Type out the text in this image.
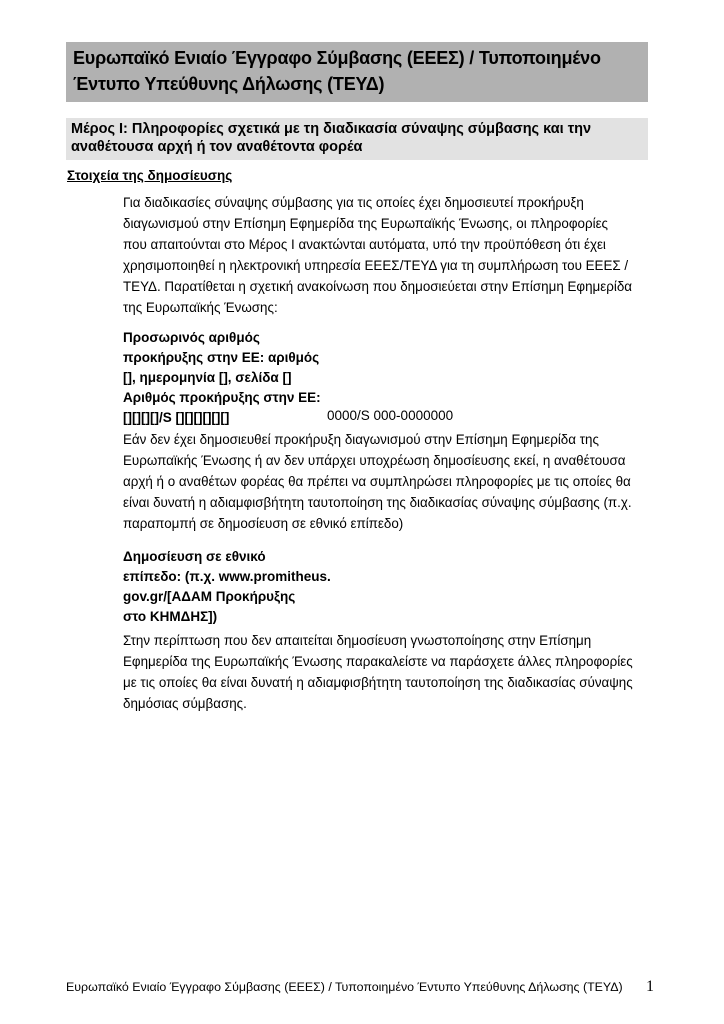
Ευρωπαϊκό Ενιαίο Έγγραφο Σύμβασης (ΕΕΕΣ) / Τυποποιημένο Έντυπο Υπεύθυνης Δήλωσης (ΤΕΥΔ)
Μέρος Ι: Πληροφορίες σχετικά με τη διαδικασία σύναψης σύμβασης και την αναθέτουσα αρχή ή τον αναθέτοντα φορέα
Στοιχεία της δημοσίευσης
Για διαδικασίες σύναψης σύμβασης για τις οποίες έχει δημοσιευτεί προκήρυξη διαγωνισμού στην Επίσημη Εφημερίδα της Ευρωπαϊκής Ένωσης, οι πληροφορίες που απαιτούνται στο Μέρος Ι ανακτώνται αυτόματα, υπό την προϋπόθεση ότι έχει χρησιμοποιηθεί η ηλεκτρονική υπηρεσία ΕΕΕΣ/ΤΕΥΔ για τη συμπλήρωση του ΕΕΕΣ /ΤΕΥΔ. Παρατίθεται η σχετική ανακοίνωση που δημοσιεύεται στην Επίσημη Εφημερίδα της Ευρωπαϊκής Ένωσης:
Προσωρινός αριθμός
προκήρυξης στην ΕΕ: αριθμός
[], ημερομηνία [], σελίδα []
Αριθμός προκήρυξης στην ΕΕ:
[][][][]/S [][][][][][]	0000/S 000-0000000
Εάν δεν έχει δημοσιευθεί προκήρυξη διαγωνισμού στην Επίσημη Εφημερίδα της Ευρωπαϊκής Ένωσης ή αν δεν υπάρχει υποχρέωση δημοσίευσης εκεί, η αναθέτουσα αρχή ή ο αναθέτων φορέας θα πρέπει να συμπληρώσει πληροφορίες με τις οποίες θα είναι δυνατή η αδιαμφισβήτητη ταυτοποίηση της διαδικασίας σύναψης σύμβασης (π.χ. παραπομπή σε δημοσίευση σε εθνικό επίπεδο)
Δημοσίευση σε εθνικό
επίπεδο: (π.χ. www.promitheus.
gov.gr/[ΑΔΑΜ Προκήρυξης
στο ΚΗΜΔΗΣ])
Στην περίπτωση που δεν απαιτείται δημοσίευση γνωστοποίησης στην Επίσημη Εφημερίδα της Ευρωπαϊκής Ένωσης παρακαλείστε να παράσχετε άλλες πληροφορίες με τις οποίες θα είναι δυνατή η αδιαμφισβήτητη ταυτοποίηση της διαδικασίας σύναψης δημόσιας σύμβασης.
Ευρωπαϊκό Ενιαίο Έγγραφο Σύμβασης (ΕΕΕΣ) / Τυποποιημένο Έντυπο Υπεύθυνης Δήλωσης (ΤΕΥΔ) 1
